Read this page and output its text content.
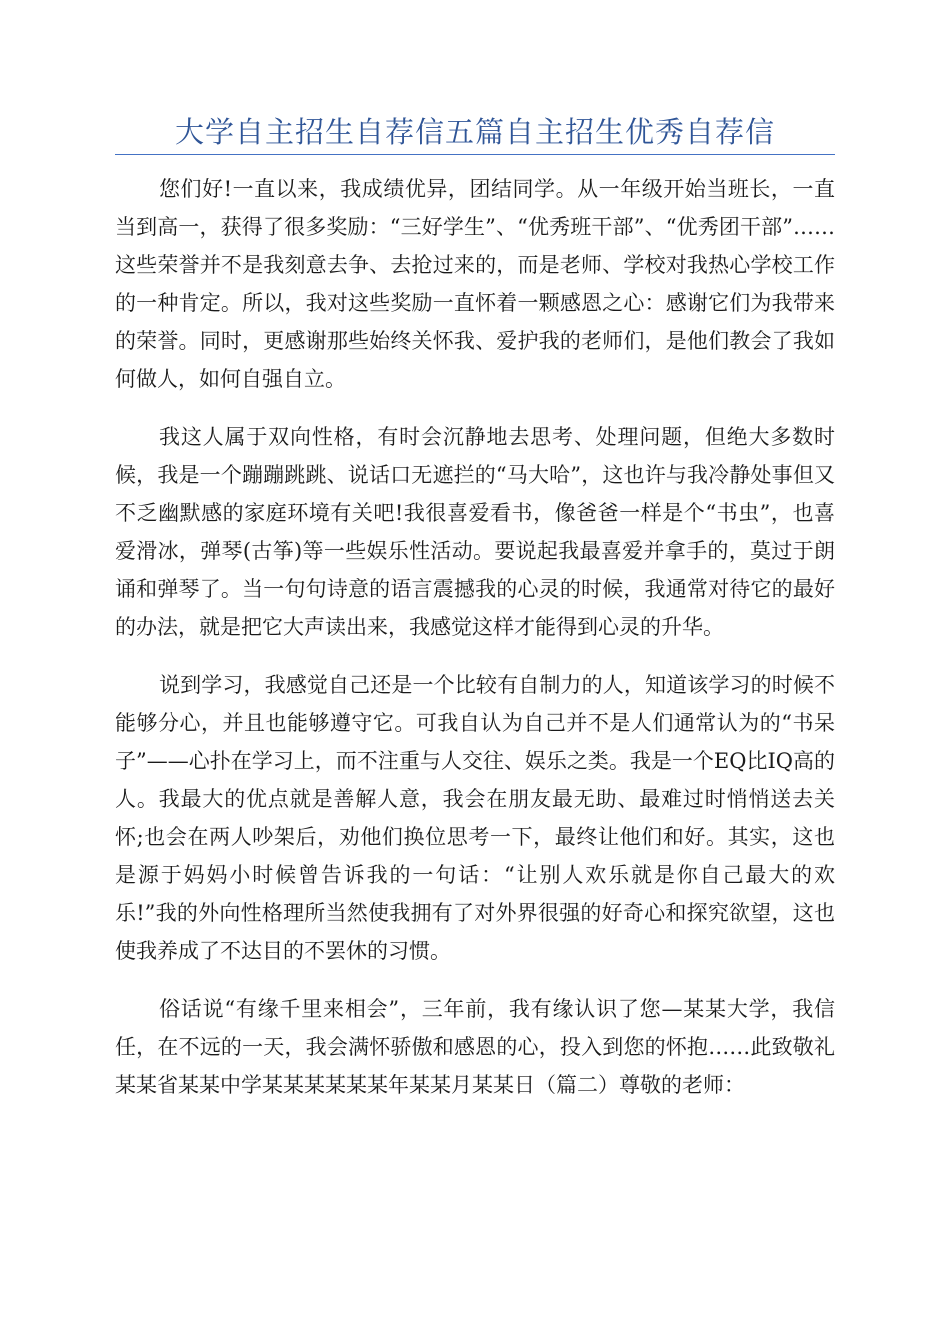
大学自主招生自荐信五篇自主招生优秀自荐信

您们好!一直以来，我成绩优异，团结同学。从一年级开始当班长，一直当到高一，获得了很多奖励：“三好学生”、“优秀班干部”、“优秀团干部”……这些荣誉并不是我刻意去争、去抢过来的，而是老师、学校对我热心学校工作的一种肯定。所以，我对这些奖励一直怀着一颗感恩之心：感谢它们为我带来的荣誉。同时，更感谢那些始终关怀我、爱护我的老师们，是他们教会了我如何做人，如何自强自立。

我这人属于双向性格，有时会沉静地去思考、处理问题，但绝大多数时候，我是一个蹦蹦跳跳、说话口无遮拦的“马大哈”，这也许与我冷静处事但又不乏幽默感的家庭环境有关吧!我很喜爱看书，像爸爸一样是个“书虫”，也喜爱滑冰，弹琴(古筝)等一些娱乐性活动。要说起我最喜爱并拿手的，莫过于朗诵和弹琴了。当一句句诗意的语言震撼我的心灵的时候，我通常对待它的最好的办法，就是把它大声读出来，我感觉这样才能得到心灵的升华。

说到学习，我感觉自己还是一个比较有自制力的人，知道该学习的时候不能够分心，并且也能够遵守它。可我自认为自己并不是人们通常认为的“书呆子”——心扑在学习上，而不注重与人交往、娱乐之类。我是一个EQ比IQ高的人。我最大的优点就是善解人意，我会在朋友最无助、最难过时悄悄送去关怀;也会在两人吵架后，劝他们换位思考一下，最终让他们和好。其实，这也是源于妈妈小时候曾告诉我的一句话：“让别人欢乐就是你自己最大的欢乐!”我的外向性格理所当然使我拥有了对外界很强的好奇心和探究欲望，这也使我养成了不达目的不罢休的习惯。

俗话说“有缘千里来相会”，三年前，我有缘认识了您—某某大学，我信任，在不远的一天，我会满怀骄傲和感恩的心，投入到您的怀抱……此致敬礼某某省某某中学某某某某某某年某某月某某日（篇二）尊敬的老师：
